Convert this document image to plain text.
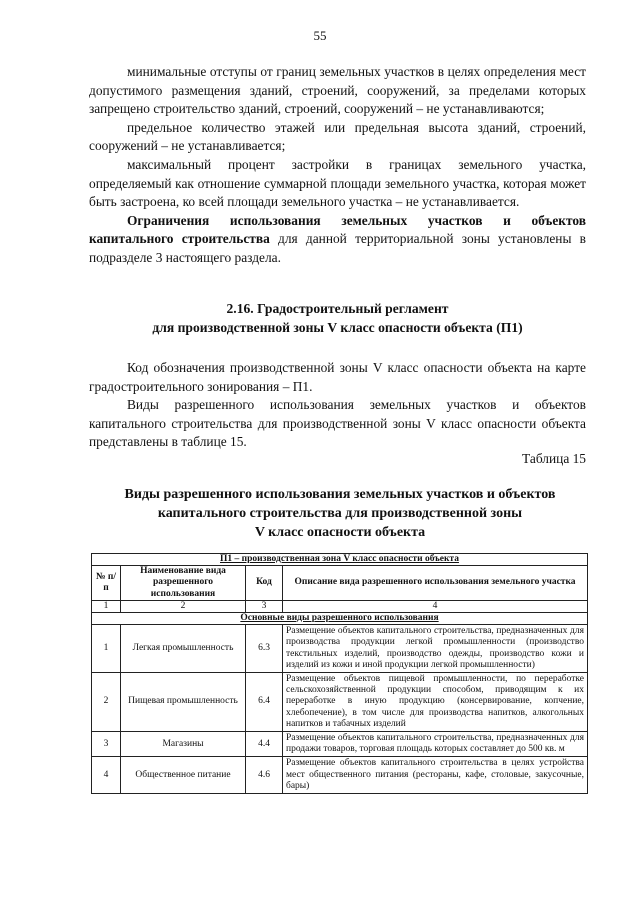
55

минимальные отступы от границ земельных участков в целях определения мест допустимого размещения зданий, строений, сооружений, за пределами которых запрещено строительство зданий, строений, сооружений – не устанавливаются;

предельное количество этажей или предельная высота зданий, строений, сооружений – не устанавливается;

максимальный процент застройки в границах земельного участка, определяемый как отношение суммарной площади земельного участка, которая может быть застроена, ко всей площади земельного участка – не устанавливается.

Ограничения использования земельных участков и объектов капитального строительства для данной территориальной зоны установлены в подразделе 3 настоящего раздела.

2.16. Градостроительный регламент
для производственной зоны V класс опасности объекта (П1)

Код обозначения производственной зоны V класс опасности объекта на карте градостроительного зонирования – П1.

Виды разрешенного использования земельных участков и объектов капитального строительства для производственной зоны V класс опасности объекта представлены в таблице 15.

Таблица 15
Виды разрешенного использования земельных участков и объектов
капитального строительства для производственной зоны
V класс опасности объекта
П1 – производственная зона V класс опасности объекта			
№ п/п	Наименование вида разрешенного использования	Код	Описание вида разрешенного использования земельного участка
1	2	3	4
Основные виды разрешенного использования			
1	Легкая промышленность	6.3	Размещение объектов капитального строительства, предназначенных для производства продукции легкой промышленности (производство текстильных изделий, производство одежды, производство кожи и изделий из кожи и иной продукции легкой промышленности)
2	Пищевая промышленность	6.4	Размещение объектов пищевой промышленности, по переработке сельскохозяйственной продукции способом, приводящим к их переработке в иную продукцию (консервирование, копчение, хлебопечение), в том числе для производства напитков, алкогольных напитков и табачных изделий
3	Магазины	4.4	Размещение объектов капитального строительства, предназначенных для продажи товаров, торговая площадь которых составляет до 500 кв. м
4	Общественное питание	4.6	Размещение объектов капитального строительства в целях устройства мест общественного питания (рестораны, кафе, столовые, закусочные, бары)
